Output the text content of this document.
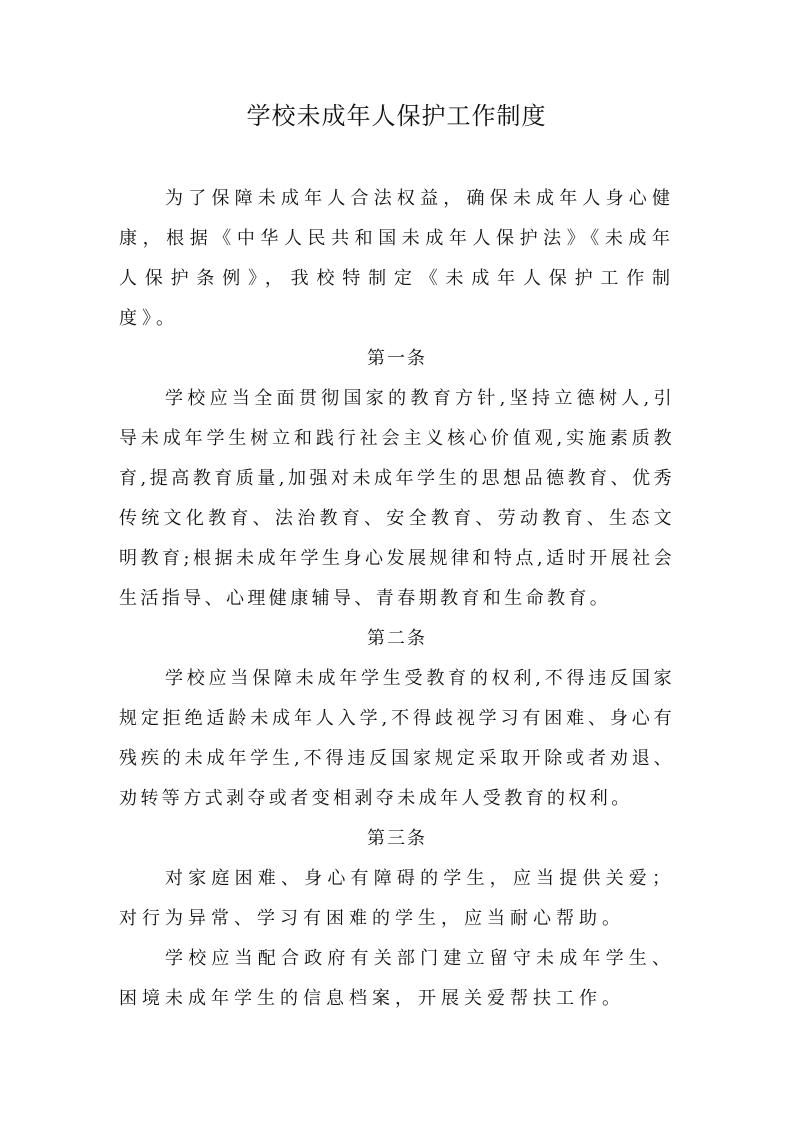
学校未成年人保护工作制度

为了保障未成年人合法权益，确保未成年人身心健康，根据《中华人民共和国未成年人保护法》《未成年人保护条例》，我校特制定《未成年人保护工作制度》。

第一条

学校应当全面贯彻国家的教育方针,坚持立德树人,引导未成年学生树立和践行社会主义核心价值观,实施素质教育,提高教育质量,加强对未成年学生的思想品德教育、优秀传统文化教育、法治教育、安全教育、劳动教育、生态文明教育;根据未成年学生身心发展规律和特点,适时开展社会生活指导、心理健康辅导、青春期教育和生命教育。

第二条

学校应当保障未成年学生受教育的权利,不得违反国家规定拒绝适龄未成年人入学,不得歧视学习有困难、身心有残疾的未成年学生,不得违反国家规定采取开除或者劝退、劝转等方式剥夺或者变相剥夺未成年人受教育的权利。

第三条

对家庭困难、身心有障碍的学生，应当提供关爱；对行为异常、学习有困难的学生，应当耐心帮助。

学校应当配合政府有关部门建立留守未成年学生、困境未成年学生的信息档案，开展关爱帮扶工作。
